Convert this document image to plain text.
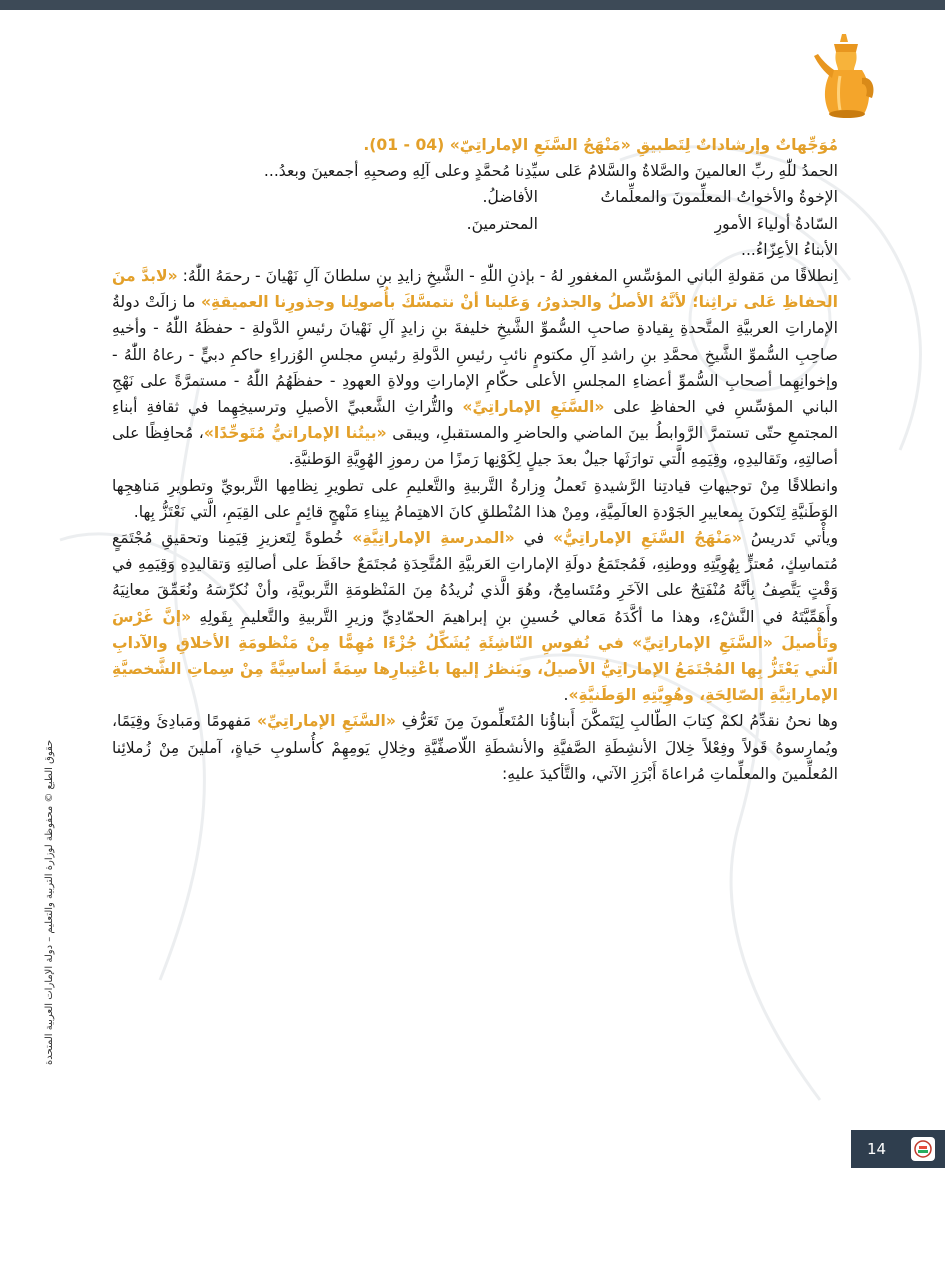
حقوق الطبع © محفوظة لوزارة التربية والتعليم – دولة الإمارات العربية المتحدة

مُوَجِّهاتٌ وإرشاداتٌ لِتَطبيقِ «مَنْهَجُ السَّنَعِ الإماراتِيّ» (04 - 01).

الحمدُ للّٰهِ ربِّ العالمينَ والصَّلاةُ والسَّلامُ عَلى سيِّدِنا مُحمَّدٍ وعلى آلِهِ وصحبِهِ أجمعينَ وبعدُ...

الإخوةُ والأخواتُ المعلِّمونَ والمعلِّماتُ
الأفاضلُ.
السّادةُ أولياءَ الأمورِ
المحترمينَ.

الأبناءُ الأعِزّاءُ...

اِنطلاقًا من مَقولةِ الباني المؤسِّسِ المغفورِ لهُ - بإذنِ اللّٰهِ - الشَّيخِ زايدِ بنِ سلطانَ آلِ نَهْيانَ - رحمَهُ اللّٰهُ: «لابدَّ منَ الحفاظِ عَلى تراثِنا؛ لأنَّهُ الأصلُ والجذورُ، وَعَلينا أنْ نتمسَّكَ بأُصولِنا وجذورِنا العميقةِ» ما زالَتْ دولةُ الإماراتِ العربيَّةِ المتَّحدةِ بِقيادةِ صاحبِ السُّموِّ الشَّيخِ خليفةَ بنِ زايدٍ آلِ نَهْيانَ رئيسِ الدَّولةِ - حفظَهُ اللّٰهُ - وأخيهِ صاحِبِ السُّموِّ الشَّيخِ محمَّدِ بنِ راشدِ آلِ مكتومٍ نائبِ رئيسِ الدَّولةِ رئيسِ مجلسِ الوُزراءِ حاكمِ دبيٍّ - رعاهُ اللّٰهُ - وإخوانِهِما أصحابِ السُّموِّ أعضاءِ المجلسِ الأعلى حكّامِ الإماراتِ وولاةِ العهودِ - حفظَهُمُ اللّٰهُ - مستمرَّةً على نَهْجِ الباني المؤسِّسِ في الحفاظِ على «السَّنَعِ الإماراتِيِّ» والتُّراثِ الشَّعبيِّ الأصيلِ وترسيخِهِما في ثقافةِ أبناءِ المجتمعِ حتّى تستمرَّ الرَّوابطُ بينَ الماضي والحاضرِ والمستقبلِ، ويبقى «بيتُنا الإماراتيُّ مُتَوحِّدًا»، مُحافِظًا على أصالتِهِ، وتَقاليدِهِ، وقِيَمِهِ الَّتي توارَثَها جيلٌ بعدَ جيلٍ لِكَوْنِها رَمزًا من رموزِ الهُوِيَّةِ الوَطنيَّةِ.

وانطلاقًا مِنْ توجيهاتِ قيادتِنا الرَّشيدةِ تَعملُ وِزارةُ التَّربيةِ والتَّعليمِ على تطويرِ نِظامِها التَّربويِّ وتطويرِ مَناهِجِها الوَطَنيَّةِ لِتَكونَ بِمعاييرِ الجَوْدةِ العالَمِيَّةِ، ومِنْ هذا المُنْطلقِ كانَ الاهتِمامُ بِبِناءِ مَنْهجٍ قائِمٍ على القِيَمِ، الَّتي نَعْتَزُّ بِها.

ويأْتي تَدريسُ «مَنْهَجُ السَّنَعِ الإماراتِيُّ» في «المدرسةِ الإماراتِيَّةِ» خُطوةً لِتَعزيزِ قِيَمِنا وتحقيقِ مُجْتَمَعٍ مُتماسِكٍ، مُعتزٍّ بِهُوِيَّتِهِ ووطنِهِ، فَمُجتَمَعُ دولَةِ الإماراتِ العَربيَّةِ المُتَّحِدَةِ مُجتَمَعٌ حافَظَ على أصالتِهِ وَتقاليدِهِ وَقِيَمِهِ في وَقْتٍ يَتَّصِفُ بِأنَّهُ مُنْفَتِحٌ على الآخَرِ ومُتَسامِحٌ، وهُوَ الَّذي نُريدُهُ مِنَ المَنْظومَةِ التَّربويَّةِ، وأنْ نُكرِّسَهُ ونُعَمِّقَ معانِيَهُ وأَهَمِّيَّتَهُ في النَّشْءِ، وهذا ما أكَّدَهُ مَعالي حُسينِ بنِ إبراهيمَ الحمّادِيِّ وزيرِ التَّربيةِ والتَّعليمِ بِقَولِهِ «إنَّ غَرْسَ وتَأْصيلَ «السَّنَعِ الإماراتِيِّ» في نُفوسِ النّاشِئَةِ يُشَكِّلُ جُزْءًا مُهِمًّا مِنْ مَنْظومَةِ الأخلاقِ والآدابِ الّتي يَعْتَزُّ بِها المُجْتَمَعُ الإماراتِيُّ الأصيلُ، ويَنظرُ إليها باعْتِبارِها سِمَةً أساسِيَّةً مِنْ سِماتِ الشَّخصيَّةِ الإماراتِيَّةِ الصّالِحَةِ، وهُوِيَّتِهِ الوَطَنيَّةِ».

وها نحنُ نقدِّمُ لكمْ كِتابَ الطّالبِ لِيَتَمكَّنَ أَبناؤُنا المُتَعلِّمونَ مِنَ تَعَرُّفِ «السَّنَعِ الإماراتِيِّ» مَفهومًا ومَبادِئَ وقِيَمًا، ويُمارِسوهُ قَولاً وفِعْلاً خِلالَ الأنشِطَةِ الصَّفيَّةِ والأنشطَةِ اللّاصفِّيَّةِ وخِلالِ يَومِهِمْ كأُسلوبِ حَياةٍ، آملينَ مِنْ زُملائِنا المُعلِّمينَ والمعلِّماتِ مُراعاةَ أَبْرَزِ الآتي، والتَّأكيدَ عليهِ:

14
